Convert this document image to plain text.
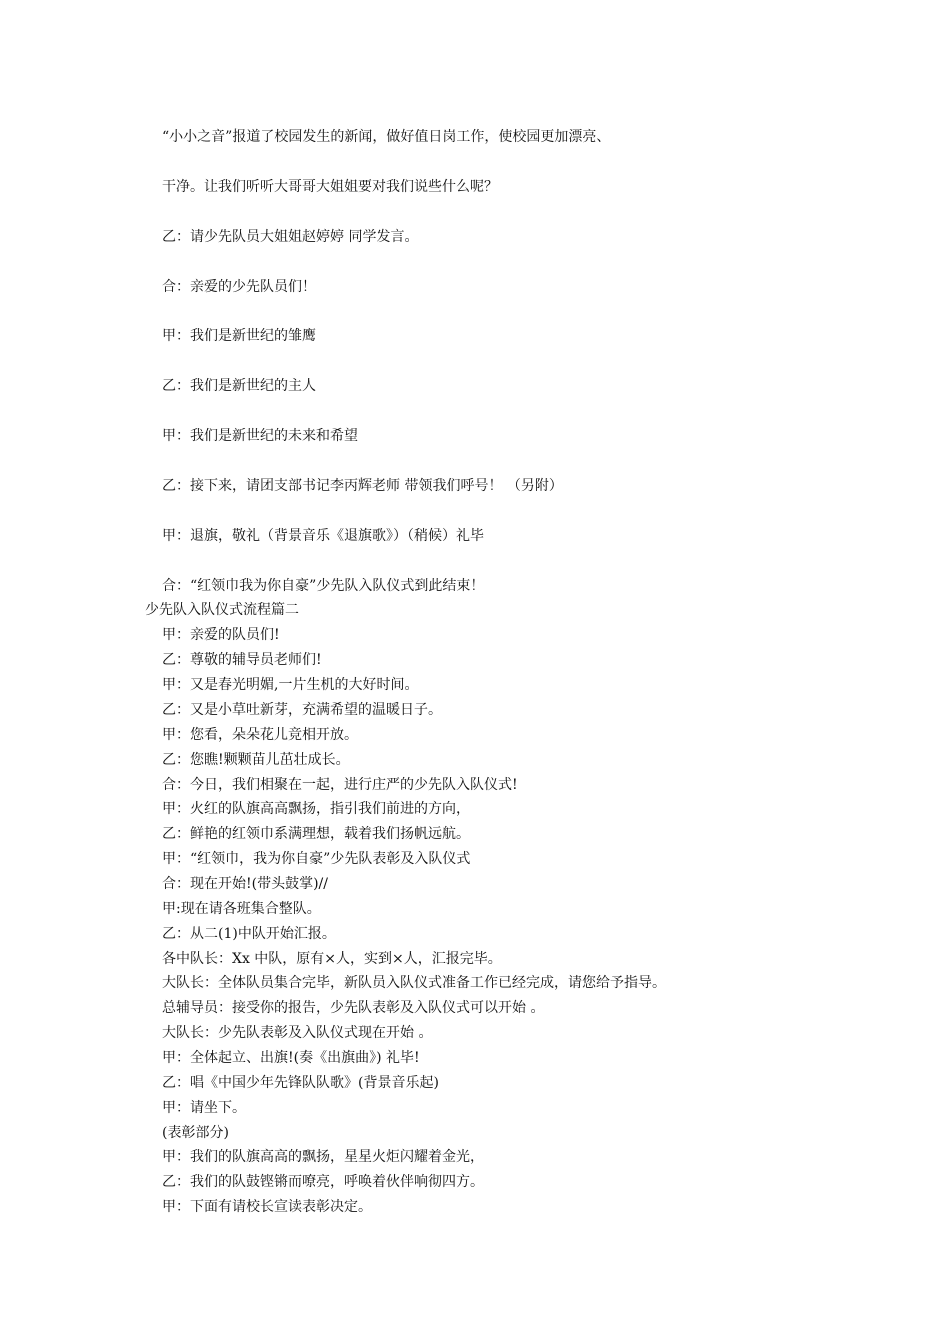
“小小之音”报道了校园发生的新闻，做好值日岗工作，使校园更加漂亮、
干净。让我们听听大哥哥大姐姐要对我们说些什么呢？
乙：请少先队员大姐姐赵婷婷 同学发言。
合：亲爱的少先队员们！
甲：我们是新世纪的雏鹰
乙：我们是新世纪的主人
甲：我们是新世纪的未来和希望
乙：接下来，请团支部书记李丙辉老师 带领我们呼号！ （另附）
甲：退旗，敬礼（背景音乐《退旗歌》）（稍候）礼毕
合：“红领巾我为你自豪”少先队入队仪式到此结束！
少先队入队仪式流程篇二
甲：亲爱的队员们!
乙：尊敬的辅导员老师们!
甲：又是春光明媚,一片生机的大好时间。
乙：又是小草吐新芽，充满希望的温暖日子。
甲：您看，朵朵花儿竞相开放。
乙：您瞧!颗颗苗儿茁壮成长。
合：今日，我们相聚在一起，进行庄严的少先队入队仪式!
甲：火红的队旗高高飘扬，指引我们前进的方向，
乙：鲜艳的红领巾系满理想，载着我们扬帆远航。
甲：“红领巾，我为你自豪”少先队表彰及入队仪式
合：现在开始!(带头鼓掌)//
甲:现在请各班集合整队。
乙：从二(1)中队开始汇报。
各中队长：Xx 中队，原有×人，实到×人，汇报完毕。
大队长：全体队员集合完毕，新队员入队仪式准备工作已经完成，请您给予指导。
总辅导员：接受你的报告，少先队表彰及入队仪式可以开始 。
大队长：少先队表彰及入队仪式现在开始 。
甲：全体起立、出旗!(奏《出旗曲》) 礼毕!
乙：唱《中国少年先锋队队歌》(背景音乐起)
甲：请坐下。
(表彰部分)
甲：我们的队旗高高的飘扬，星星火炬闪耀着金光，
乙：我们的队鼓铿锵而嘹亮，呼唤着伙伴响彻四方。
甲：下面有请校长宣读表彰决定。
